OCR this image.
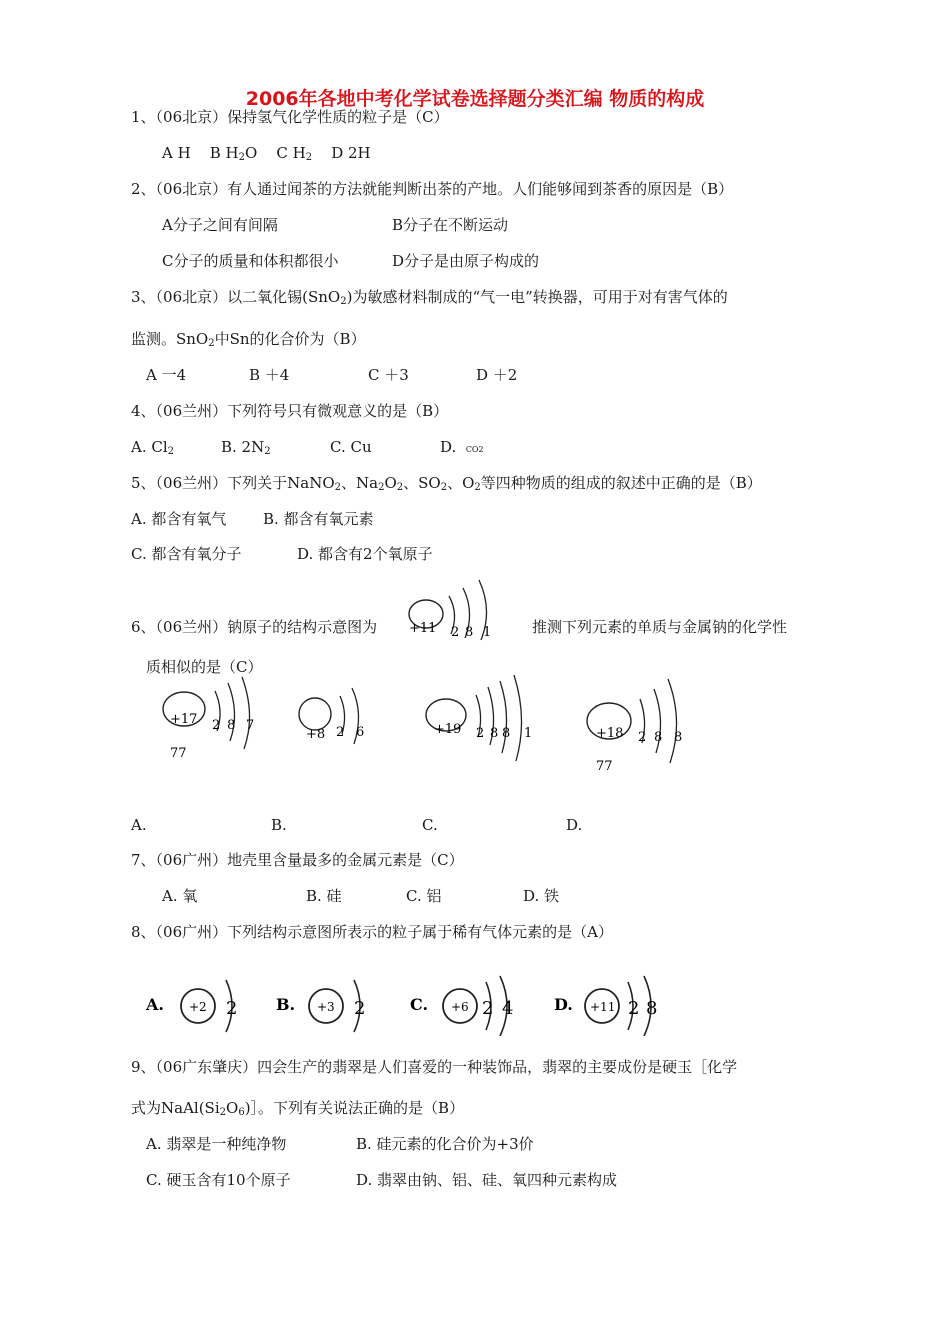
2006年各地中考化学试卷选择题分类汇编 物质的构成
1、（06北京）保持氢气化学性质的粒子是（C）
A H B $H_2O$ C $H_2$ D 2H
2、（06北京）有人通过闻茶的方法就能判断出茶的产地。人们能够闻到茶香的原因是（B）
A分子之间有间隔	B分子在不断运动
C分子的质量和体积都很小	D分子是由原子构成的
3、（06北京）以二氧化锡(SnO$_2$)为敏感材料制成的“气一电”转换器，可用于对有害气体的
监测。SnO$_2$中Sn的化合价为（B）
A 一4	B ＋4	C ＋3	D ＋2
4、（06兰州）下列符号只有微观意义的是（B）
A. $Cl_2$	B. $2N_2$	C. Cu	D. CO2
5、（06兰州）下列关于NaNO$_2$、$Na_2O_2$、$SO_2$、$O_2$等四种物质的组成的叙述中正确的是（B）
A. 都含有氧气 B. 都含有氧元素
C. 都含有氧分子	D. 都含有2个氧原子
6、（06兰州）钠原子的结构示意图为	推测下列元素的单质与金属钠的化学性
质相似的是（C）
+11 2 8 1
+17 2 8 7
77
+8 2 6	+19 2 8 8 1	+18 2 8 8
77
A.	B.	C.	D.
7、（06广州）地壳里含量最多的金属元素是（C）
A. 氧	B. 硅	C. 铝	D. 铁
8、（06广州）下列结构示意图所表示的粒子属于稀有气体元素的是（A）
A. +2 2 B. +3 2	C. +6 2 4	D. +11 2 8
9、（06广东肇庆）四会生产的翡翠是人们喜爱的一种装饰品，翡翠的主要成份是硬玉［化学
式为$NaAl(Si_2O_6)]$。下列有关说法正确的是（B）
A. 翡翠是一种纯净物	B. 硅元素的化合价为+3价
C. 硬玉含有10个原子	D. 翡翠由钠、铝、硅、氧四种元素构成
